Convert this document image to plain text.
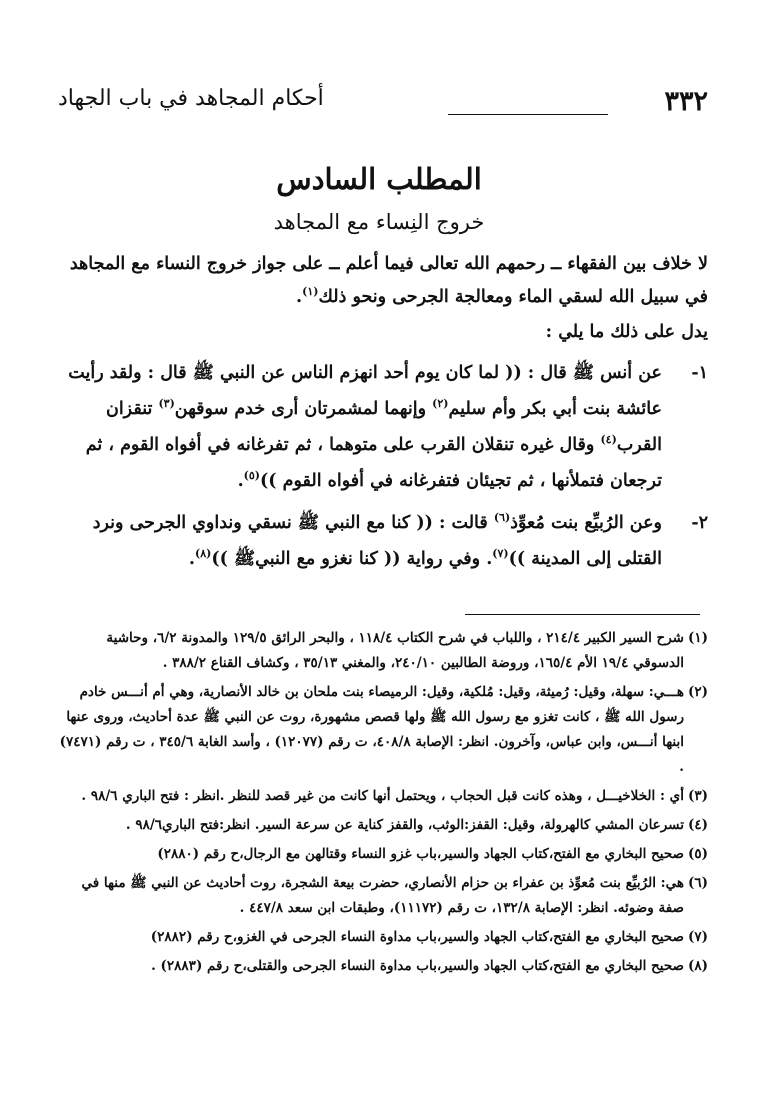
٣٣٢
أحكام المجاهد في باب الجهاد
المطلب السادس
خروج النِساء مع المجاهد

لا خلاف بين الفقهاء ــ رحمهم الله تعالى فيما أعلم ــ على جواز خروج النساء مع المجاهد في سبيل الله لسقي الماء ومعالجة الجرحى ونحو ذلك$^{(١)}$.

يدل على ذلك ما يلي :

١-
عن أنس ﷺ قال : (( لما كان يوم أحد انهزم الناس عن النبي ﷺ قال : ولقد رأيت عائشة بنت أبي بكر وأم سليم$^{(٢)}$ وإنهما لمشمرتان أرى خدم سوقهن$^{(٣)}$ تنقزان القرب$^{(٤)}$ وقال غيره تنقلان القرب على متوهما ، ثم تفرغانه في أفواه القوم ، ثم ترجعان فتملأنها ، ثم تجيئان فتفرغانه في أفواه القوم ))$^{(٥)}$.
٢-
وعن الرُبيِّع بنت مُعوِّذ$^{(٦)}$ قالت : (( كنا مع النبي ﷺ نسقي ونداوي الجرحى ونرد القتلى إلى المدينة ))$^{(٧)}$. وفي رواية (( كنا نغزو مع النبيﷺ ))$^{(٨)}$.
(١)
شرح السير الكبير ٢١٤/٤ ، واللباب في شرح الكتاب ١١٨/٤ ، والبحر الرائق ١٢٩/٥ والمدونة ٦/٢، وحاشية الدسوقي ١٩/٤ الأم ١٦٥/٤، وروضة الطالبين ٢٤٠/١٠، والمغني ٣٥/١٣ ، وكشاف القناع ٣٨٨/٢ .
(٢)
هـــي: سهلة، وقيل: رُميثة، وقيل: مُلكية، وقيل: الرميصاء بنت ملحان بن خالد الأنصارية، وهي أم أنـــس خادم رسول الله ﷺ ، كانت تغزو مع رسول الله ﷺ ولها قصص مشهورة، روت عن النبي ﷺ عدة أحاديث، وروى عنها ابنها أنـــس، وابن عباس، وآخرون. انظر: الإصابة ٤٠٨/٨، ت رقم (١٢٠٧٧) ، وأسد الغابة ٣٤٥/٦ ، ت رقم (٧٤٧١) .
(٣)
أي : الخلاخيـــل ، وهذه كانت قبل الحجاب ، ويحتمل أنها كانت من غير قصد للنظر .انظر : فتح الباري ٩٨/٦ .
(٤)
تسرعان المشي كالهرولة، وقيل: القفز:الوثب، والقفز كناية عن سرعة السير. انظر:فتح الباري٩٨/٦ .
(٥)
صحيح البخاري مع الفتح،كتاب الجهاد والسير،باب غزو النساء وقتالهن مع الرجال،ح رقم (٢٨٨٠)
(٦)
هي: الرُبيِّع بنت مُعوِّذ بن عفراء بن حزام الأنصاري، حضرت بيعة الشجرة، روت أحاديث عن النبي ﷺ منها في صفة وضوئه. انظر: الإصابة ١٣٢/٨، ت رقم (١١١٧٢)، وطبقات ابن سعد ٤٤٧/٨ .
(٧)
صحيح البخاري مع الفتح،كتاب الجهاد والسير،باب مداوة النساء الجرحى في الغزو،ح رقم (٢٨٨٢)
(٨)
صحيح البخاري مع الفتح،كتاب الجهاد والسير،باب مداوة النساء الجرحى والقتلى،ح رقم (٢٨٨٣) .
